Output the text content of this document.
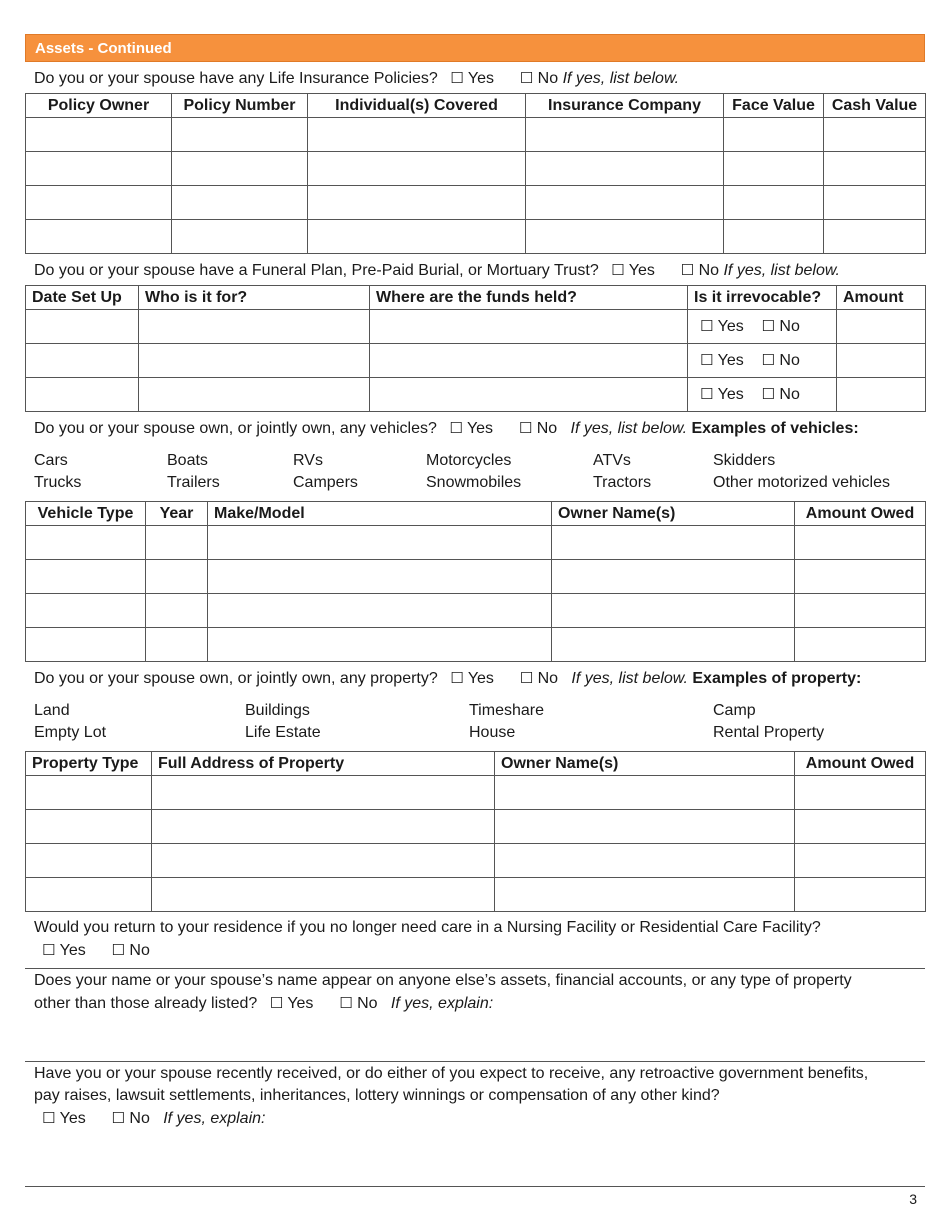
Assets - Continued
Do you or your spouse have any Life Insurance Policies? ☐ Yes ☐ No If yes, list below.
Policy Owner	Policy Number	Individual(s) Covered	Insurance Company	Face Value	Cash Value

Do you or your spouse have a Funeral Plan, Pre-Paid Burial, or Mortuary Trust? ☐ Yes ☐ No If yes, list below.
Date Set Up	Who is it for?	Where are the funds held?	Is it irrevocable?	Amount
			☐ Yes ☐ No	
			☐ Yes ☐ No	
			☐ Yes ☐ No	
Do you or your spouse own, or jointly own, any vehicles? ☐ Yes ☐ No If yes, list below. Examples of vehicles:
Cars	Boats	RVs	Motorcycles	ATVs	Skidders
Trucks	Trailers	Campers	Snowmobiles	Tractors	Other motorized vehicles
Vehicle Type	Year	Make/Model	Owner Name(s)	Amount Owed

Do you or your spouse own, or jointly own, any property? ☐ Yes ☐ No If yes, list below. Examples of property:
Land	Buildings	Timeshare	Camp
Empty Lot	Life Estate	House	Rental Property
Property Type	Full Address of Property	Owner Name(s)	Amount Owed

Would you return to your residence if you no longer need care in a Nursing Facility or Residential Care Facility?
☐ Yes ☐ No
Does your name or your spouse’s name appear on anyone else’s assets, financial accounts, or any type of property
other than those already listed? ☐ Yes ☐ No If yes, explain:
Have you or your spouse recently received, or do either of you expect to receive, any retroactive government benefits, pay raises, lawsuit settlements, inheritances, lottery winnings or compensation of any other kind?
☐ Yes ☐ No If yes, explain:
3
